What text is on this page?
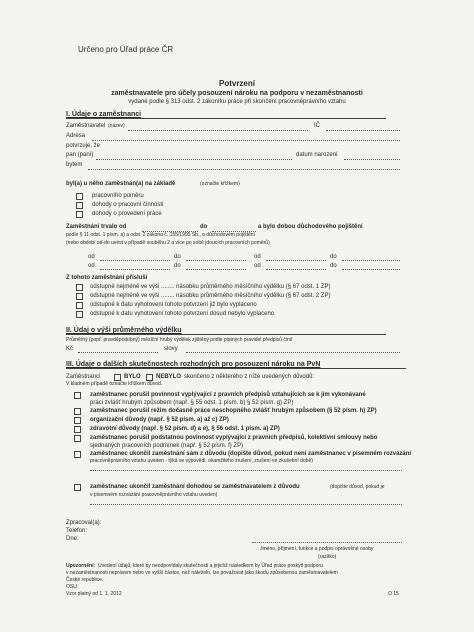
Určeno pro Úřad práce ČR
Potvrzení
zaměstnavatele pro účely posouzení nároku na podporu v nezaměstnanosti
vydané podle § 313 odst. 2 zákoníku práce při skončení pracovněprávního vztahu
I. Údaje o zaměstnanci
Zaměstnavatel (název)	IČ
Adresa
potvrzuje, že
pan (paní)	datum narození
bytem
byl(a) u něho zaměstnán(a) na základě	(označte křížkem)
pracovního poměru
dohody o pracovní činnosti
dohody o provedení práce
Zaměstnání trvalo od	do	a bylo dobou důchodového pojištění
podle § 11 odst. 1 písm. a) a odst. 2 zákona č. 155/1995 Sb., o důchodovém pojištění
(nebo období od-do uvést v případě souběhu 2 a více po sobě jdoucích pracovních poměrů)
od	do	od	do
od	do	od	do
Z tohoto zaměstnání přísluší
odstupné nejméně ve výši ........ násobku průměrného měsíčního výdělku (§ 67 odst. 1 ZP)
odstupné nejméně ve výši ........ násobku průměrného měsíčního výdělku (§ 67 odst. 2 ZP)
odstupné k datu vyhotovení tohoto potvrzení již bylo vyplaceno
odstupné k datu vyhotovení tohoto potvrzení dosud nebylo vyplaceno
II. Údaj o výši průměrného výdělku
Průměrný (popř. pravděpodobný) měsíční hrubý výdělek zjištěný podle platných pravidel předpisů činil
Kč	slovy
III. Údaje o dalších skutečnostech rozhodných pro posouzení nároku na PvN
Zaměstnanci	BYLO	NEBYLO skončeno z některého z níže uvedených důvodů:
V kladném případě označte křížkem důvod.
zaměstnanec porušil povinnost vyplývající z pravních předpisů vztahujících se k jím vykonávané
práci zvlášť hrubým způsobem (např. § 55 odst. 1 písm. b) § 52 písm. g) ZP)
zaměstnanec porušil režim dočasně práce neschopného zvlášť hrubým způsobem (§ 52 písm. h) ZP)
organizační důvody (např. § 52 písm. a) až c) ZP)
zdravotní důvody (např. § 52 písm. d) a e), § 56 odst. 1 písm. a) ZP)
zaměstnanec porušil podstatnou povinnost vyplývající z pravních předpisů, kolektivní smlouvy nebo
sjednaných pracovních podmínek (např. § 52 písm. f) ZP)
zaměstnanec ukončil zaměstnání sám z důvodu (dopište důvod, pokud není zaměstnanec v písemném rozvázání
pracovněprávního vztahu uveden - týká se výpovědi, okamžitého zrušení, zrušení ve zkušební době)
zaměstnanec ukončil zaměstnání dohodou se zaměstnavatelem z důvodu	(dopište důvod, pokud je
v písemném rozvázání pracovněprávního vztahu uveden)
Zpracoval(a):
Telefon:
Dne:
Jméno, příjmení, funkce a podpis oprávněné osoby
(razítko)
Upozornění: Uvedení údajů, které by neodpovídaly skutečnosti a jejichž následkem by Úřad práce poskytl podporu
v nezaměstnanosti neprávem nebo ve vyšší částce, než náleželo, lze považovat jako škodu způsobenou zaměstnavatelem
České republice.
OSU
Vzor platný od 1. 1. 2012	O 15
